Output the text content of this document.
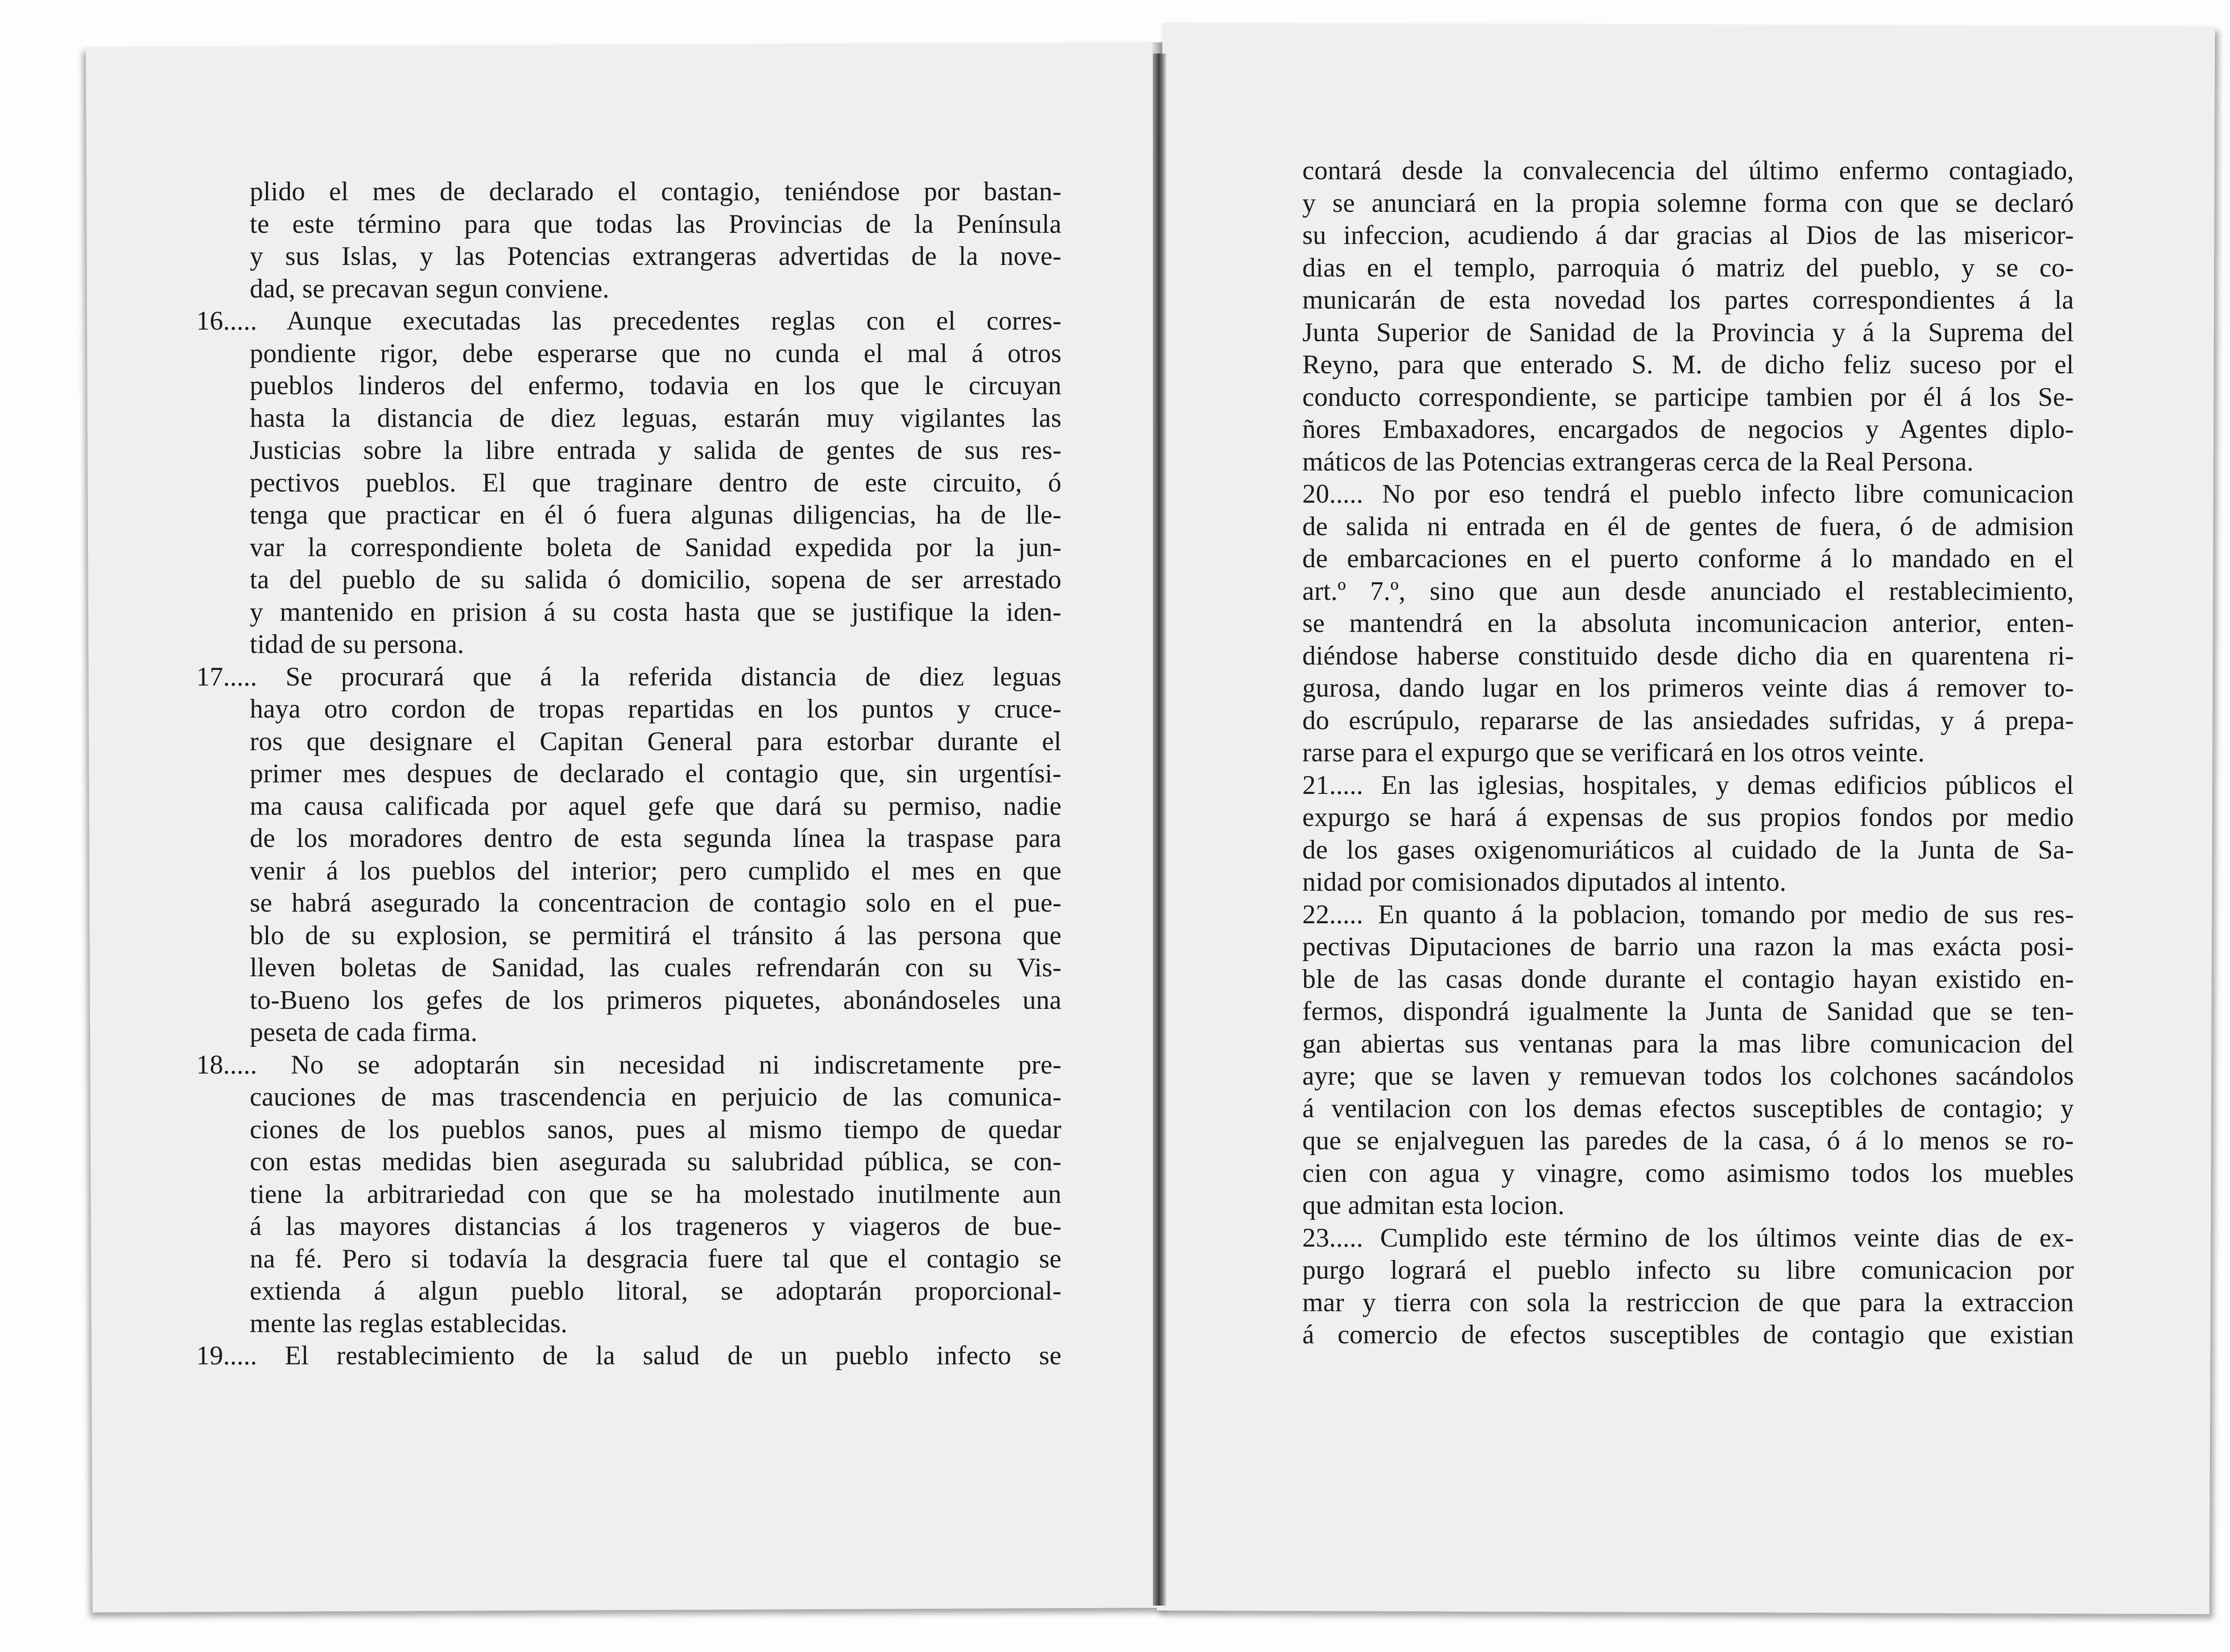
plido el mes de declarado el contagio, teniéndose por bastan-
te este término para que todas las Provincias de la Península
y sus Islas, y las Potencias extrangeras advertidas de la nove-
dad, se precavan segun conviene.
16..... Aunque executadas las precedentes reglas con el corres-
pondiente rigor, debe esperarse que no cunda el mal á otros
pueblos linderos del enfermo, todavia en los que le circuyan
hasta la distancia de diez leguas, estarán muy vigilantes las
Justicias sobre la libre entrada y salida de gentes de sus res-
pectivos pueblos. El que traginare dentro de este circuito, ó
tenga que practicar en él ó fuera algunas diligencias, ha de lle-
var la correspondiente boleta de Sanidad expedida por la jun-
ta del pueblo de su salida ó domicilio, sopena de ser arrestado
y mantenido en prision á su costa hasta que se justifique la iden-
tidad de su persona.
17..... Se procurará que á la referida distancia de diez leguas
haya otro cordon de tropas repartidas en los puntos y cruce-
ros que designare el Capitan General para estorbar durante el
primer mes despues de declarado el contagio que, sin urgentísi-
ma causa calificada por aquel gefe que dará su permiso, nadie
de los moradores dentro de esta segunda línea la traspase para
venir á los pueblos del interior; pero cumplido el mes en que
se habrá asegurado la concentracion de contagio solo en el pue-
blo de su explosion, se permitirá el tránsito á las persona que
lleven boletas de Sanidad, las cuales refrendarán con su Vis-
to-Bueno los gefes de los primeros piquetes, abonándoseles una
peseta de cada firma.
18..... No se adoptarán sin necesidad ni indiscretamente pre-
cauciones de mas trascendencia en perjuicio de las comunica-
ciones de los pueblos sanos, pues al mismo tiempo de quedar
con estas medidas bien asegurada su salubridad pública, se con-
tiene la arbitrariedad con que se ha molestado inutilmente aun
á las mayores distancias á los trageneros y viageros de bue-
na fé. Pero si todavía la desgracia fuere tal que el contagio se
extienda á algun pueblo litoral, se adoptarán proporcional-
mente las reglas establecidas.
19..... El restablecimiento de la salud de un pueblo infecto se
contará desde la convalecencia del último enfermo contagiado,
y se anunciará en la propia solemne forma con que se declaró
su infeccion, acudiendo á dar gracias al Dios de las misericor-
dias en el templo, parroquia ó matriz del pueblo, y se co-
municarán de esta novedad los partes correspondientes á la
Junta Superior de Sanidad de la Provincia y á la Suprema del
Reyno, para que enterado S. M. de dicho feliz suceso por el
conducto correspondiente, se participe tambien por él á los Se-
ñores Embaxadores, encargados de negocios y Agentes diplo-
máticos de las Potencias extrangeras cerca de la Real Persona.
20..... No por eso tendrá el pueblo infecto libre comunicacion
de salida ni entrada en él de gentes de fuera, ó de admision
de embarcaciones en el puerto conforme á lo mandado en el
art.º 7.º, sino que aun desde anunciado el restablecimiento,
se mantendrá en la absoluta incomunicacion anterior, enten-
diéndose haberse constituido desde dicho dia en quarentena ri-
gurosa, dando lugar en los primeros veinte dias á remover to-
do escrúpulo, repararse de las ansiedades sufridas, y á prepa-
rarse para el expurgo que se verificará en los otros veinte.
21..... En las iglesias, hospitales, y demas edificios públicos el
expurgo se hará á expensas de sus propios fondos por medio
de los gases oxigenomuriáticos al cuidado de la Junta de Sa-
nidad por comisionados diputados al intento.
22..... En quanto á la poblacion, tomando por medio de sus res-
pectivas Diputaciones de barrio una razon la mas exácta posi-
ble de las casas donde durante el contagio hayan existido en-
fermos, dispondrá igualmente la Junta de Sanidad que se ten-
gan abiertas sus ventanas para la mas libre comunicacion del
ayre; que se laven y remuevan todos los colchones sacándolos
á ventilacion con los demas efectos susceptibles de contagio; y
que se enjalveguen las paredes de la casa, ó á lo menos se ro-
cien con agua y vinagre, como asimismo todos los muebles
que admitan esta locion.
23..... Cumplido este término de los últimos veinte dias de ex-
purgo logrará el pueblo infecto su libre comunicacion por
mar y tierra con sola la restriccion de que para la extraccion
á comercio de efectos susceptibles de contagio que existian
